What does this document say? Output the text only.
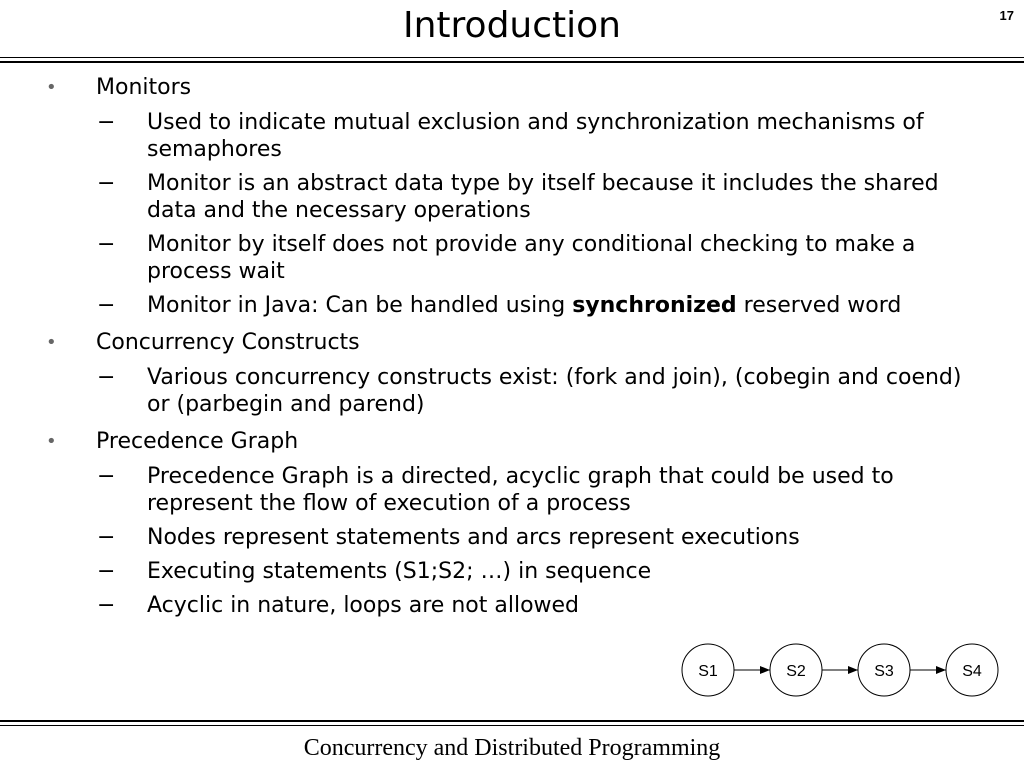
Introduction	17
• Monitors
− Used to indicate mutual exclusion and synchronization mechanisms of semaphores
− Monitor is an abstract data type by itself because it includes the shared data and the necessary operations
− Monitor by itself does not provide any conditional checking to make a process wait
− Monitor in Java: Can be handled using synchronized reserved word
• Concurrency Constructs
− Various concurrency constructs exist: (fork and join), (cobegin and coend) or (parbegin and parend)
• Precedence Graph
− Precedence Graph is a directed, acyclic graph that could be used to represent the flow of execution of a process
− Nodes represent statements and arcs represent executions
− Executing statements (S1;S2; …) in sequence
− Acyclic in nature, loops are not allowed
S1	S2	S3	S4
Concurrency and Distributed Programming
